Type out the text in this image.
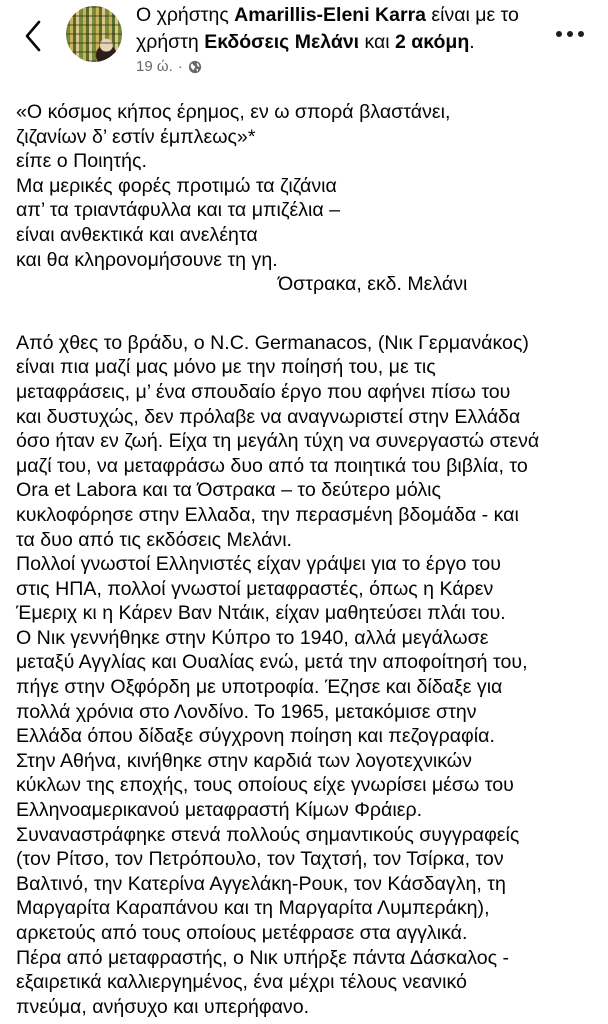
Ο χρήστης Amarillis-Eleni Karra είναι με το χρήστη Εκδόσεις Μελάνι και 2 ακόμη.
19 ώ. ·
«Ο κόσμος κήπος έρημος, εν ω σπορά βλαστάνει,
ζιζανίων δ’ εστίν έμπλεως»*
είπε ο Ποιητής.
Μα μερικές φορές προτιμώ τα ζιζάνια
απ’ τα τριαντάφυλλα και τα μπιζέλια –
είναι ανθεκτικά και ανελέητα
και θα κληρονομήσουνε τη γη.
Όστρακα, εκδ. Μελάνι
Από χθες το βράδυ, ο N.C. Germanacos, (Νικ Γερμανάκος)
είναι πια μαζί μας μόνο με την ποίησή του, με τις
μεταφράσεις, μ’ ένα σπουδαίο έργο που αφήνει πίσω του
και δυστυχώς, δεν πρόλαβε να αναγνωριστεί στην Ελλάδα
όσο ήταν εν ζωή. Είχα τη μεγάλη τύχη να συνεργαστώ στενά
μαζί του, να μεταφράσω δυο από τα ποιητικά του βιβλία, το
Ora et Labora και τα Όστρακα – το δεύτερο μόλις
κυκλοφόρησε στην Ελλαδα, την περασμένη βδομάδα - και
τα δυο από τις εκδόσεις Μελάνι.
Πολλοί γνωστοί Ελληνιστές είχαν γράψει για το έργο του
στις ΗΠΑ, πολλοί γνωστοί μεταφραστές, όπως η Κάρεν
Έμεριχ κι η Κάρεν Βαν Ντάικ, είχαν μαθητεύσει πλάι του.
Ο Νικ γεννήθηκε στην Κύπρο το 1940, αλλά μεγάλωσε
μεταξύ Αγγλίας και Ουαλίας ενώ, μετά την αποφοίτησή του,
πήγε στην Οξφόρδη με υποτροφία. Έζησε και δίδαξε για
πολλά χρόνια στο Λονδίνο. Το 1965, μετακόμισε στην
Ελλάδα όπου δίδαξε σύγχρονη ποίηση και πεζογραφία.
Στην Αθήνα, κινήθηκε στην καρδιά των λογοτεχνικών
κύκλων της εποχής, τους οποίους είχε γνωρίσει μέσω του
Ελληνοαμερικανού μεταφραστή Κίμων Φράιερ.
Συναναστράφηκε στενά πολλούς σημαντικούς συγγραφείς
(τον Ρίτσο, τον Πετρόπουλο, τον Ταχτσή, τον Τσίρκα, τον
Βαλτινό, την Κατερίνα Αγγελάκη-Ρουκ, τον Κάσδαγλη, τη
Μαργαρίτα Καραπάνου και τη Μαργαρίτα Λυμπεράκη),
αρκετούς από τους οποίους μετέφρασε στα αγγλικά.
Πέρα από μεταφραστής, ο Νικ υπήρξε πάντα Δάσκαλος -
εξαιρετικά καλλιεργημένος, ένα μέχρι τέλους νεανικό
πνεύμα, ανήσυχο και υπερήφανο.
